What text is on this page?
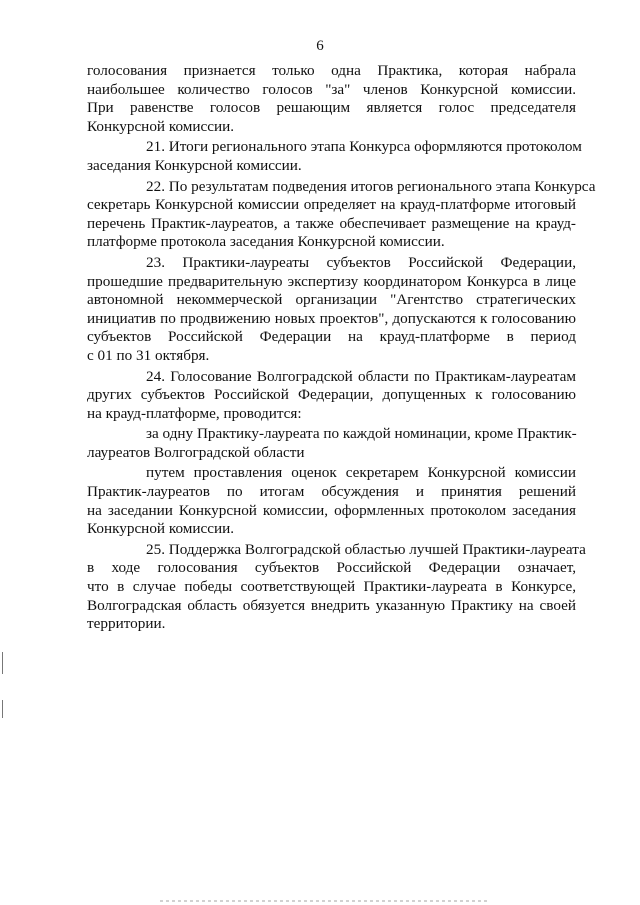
6
голосования признается только одна Практика, которая набрала
наибольшее количество голосов "за" членов Конкурсной комиссии.
При равенстве голосов решающим является голос председателя
Конкурсной комиссии.
21. Итоги регионального этапа Конкурса оформляются протоколом
заседания Конкурсной комиссии.
22. По результатам подведения итогов регионального этапа Конкурса
секретарь Конкурсной комиссии определяет на крауд-платформе итоговый
перечень Практик-лауреатов, а также обеспечивает размещение на крауд-
платформе протокола заседания Конкурсной комиссии.
23. Практики-лауреаты субъектов Российской Федерации,
прошедшие предварительную экспертизу координатором Конкурса в лице
автономной некоммерческой организации "Агентство стратегических
инициатив по продвижению новых проектов", допускаются к голосованию
субъектов Российской Федерации на крауд-платформе в период
с 01 по 31 октября.
24. Голосование Волгоградской области по Практикам-лауреатам
других субъектов Российской Федерации, допущенных к голосованию
на крауд-платформе, проводится:
за одну Практику-лауреата по каждой номинации, кроме Практик-
лауреатов Волгоградской области
путем проставления оценок секретарем Конкурсной комиссии
Практик-лауреатов по итогам обсуждения и принятия решений
на заседании Конкурсной комиссии, оформленных протоколом заседания
Конкурсной комиссии.
25. Поддержка Волгоградской областью лучшей Практики-лауреата
в ходе голосования субъектов Российской Федерации означает,
что в случае победы соответствующей Практики-лауреата в Конкурсе,
Волгоградская область обязуется внедрить указанную Практику на своей
территории.
